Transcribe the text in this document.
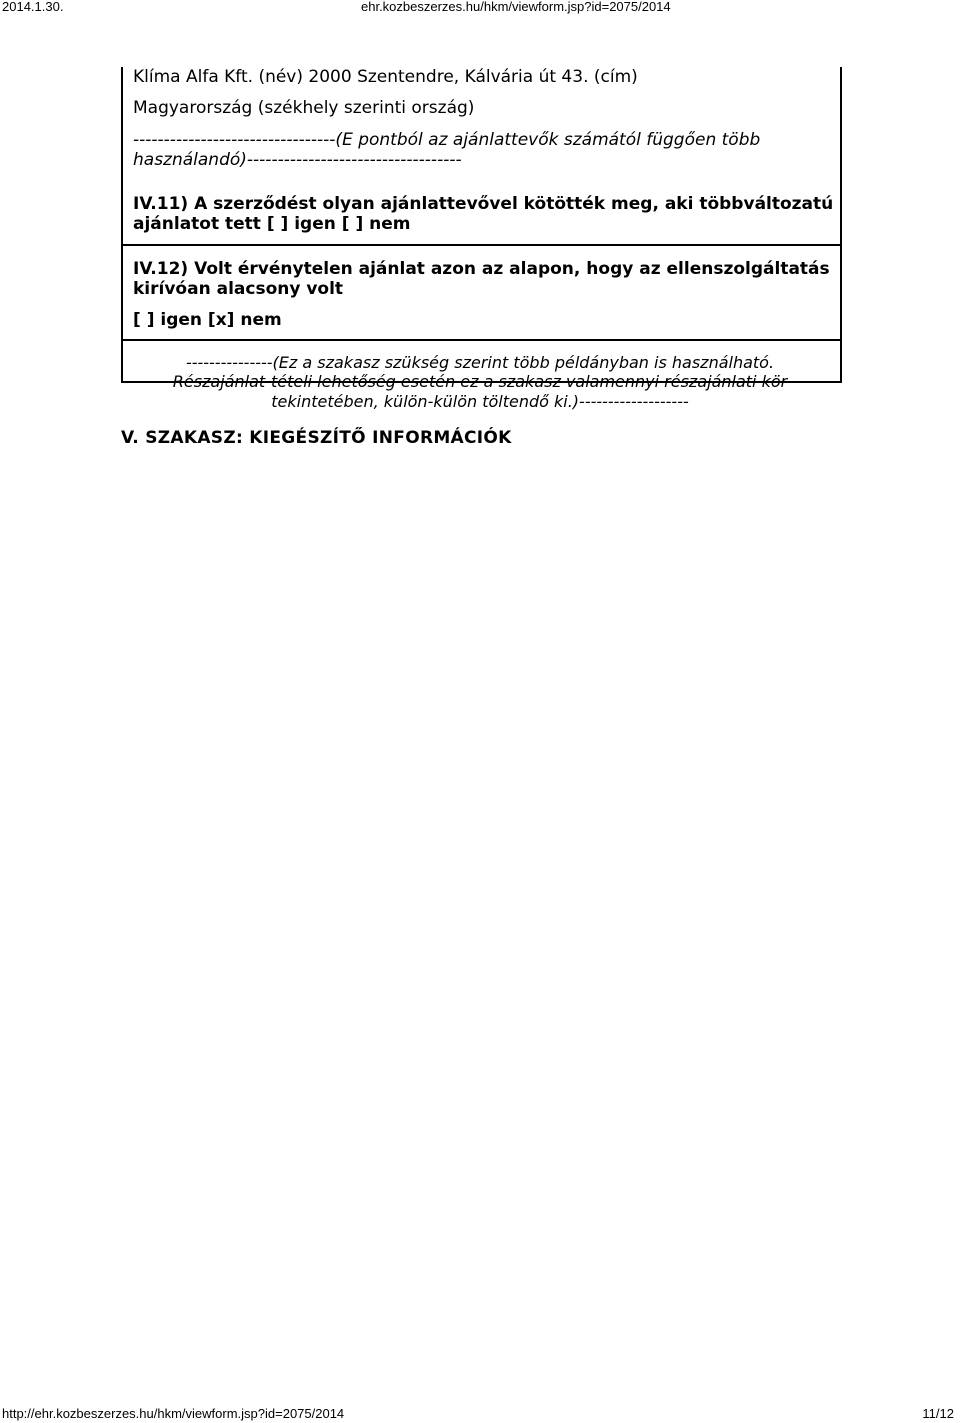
2014.1.30.	ehr.kozbeszerzes.hu/hkm/viewform.jsp?id=2075/2014
Klíma Alfa Kft. (név) 2000 Szentendre, Kálvária út 43. (cím)
Magyarország (székhely szerinti ország)
---------------------------------(E pontból az ajánlattevők számától függően több
használandó)-----------------------------------
IV.11) A szerződést olyan ajánlattevővel kötötték meg, aki többváltozatú
ajánlatot tett [ ] igen [ ] nem
IV.12) Volt érvénytelen ajánlat azon az alapon, hogy az ellenszolgáltatás
kirívóan alacsony volt
[ ] igen [x] nem
---------------(Ez a szakasz szükség szerint több példányban is használható.
Részajánlat-tételi lehetőség esetén ez a szakasz valamennyi részajánlati kör
tekintetében, külön-külön töltendő ki.)-------------------
V. SZAKASZ: KIEGÉSZÍTŐ INFORMÁCIÓK
http://ehr.kozbeszerzes.hu/hkm/viewform.jsp?id=2075/2014	11/12
